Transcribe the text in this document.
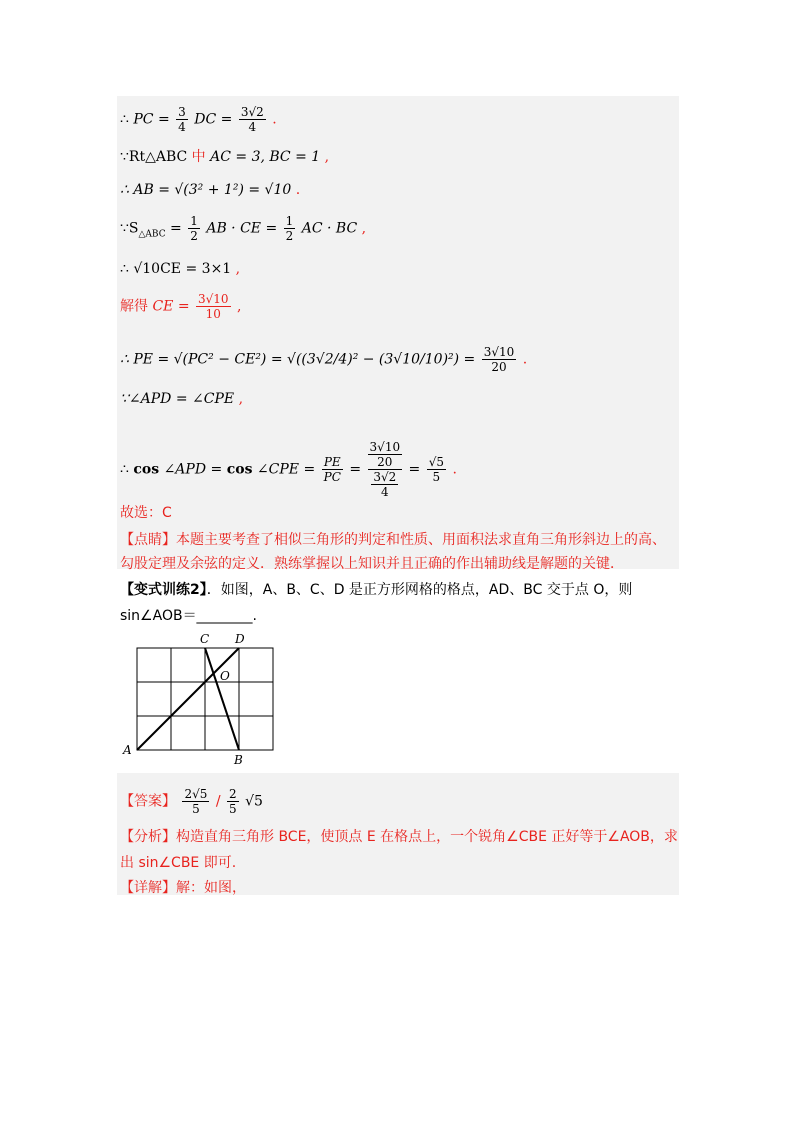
∴ PC = $\frac{3}{4}$ DC = $\frac{3√2}{4}$ .
∵Rt△ABC 中 AC = 3, BC = 1 ,
∴ AB = √(3² + 1²) = √10 .
$\because S_{\triangle ABC} = \frac{1}{2}$ AB · CE = $\frac{1}{2}$ AC · BC ,
∴ √10CE = 3×1 ,
解得 CE = $\frac{3√10}{10}$ ,
∴ PE = $√(PC^2 - CE^2) = √((3√2/4)^2 - (3√10/10)^2) = \frac{3√10}{20}$ .
∵∠APD = ∠CPE ,
∴ cos ∠APD = cos ∠CPE = $\frac{PE}{PC} = \frac{\frac{3√10}{20}}{\frac{3√2}{4}} = \frac{√5}{5}$ .
故选：C
【点睛】本题主要考查了相似三角形的判定和性质、用面积法求直角三角形斜边上的高、
勾股定理及余弦的定义．熟练掌握以上知识并且正确的作出辅助线是解题的关键．
【变式训练2】．如图，A、B、C、D 是正方形网格的格点，AD、BC 交于点 O，则
sin∠AOB＝________.
C D
O
A
B
【答案】 $\frac{2√5}{5} / \frac{2}{5} √5$
【分析】构造直角三角形 BCE，使顶点 E 在格点上，一个锐角∠CBE 正好等于∠AOB，求
出 sin∠CBE 即可.
【详解】解：如图，
